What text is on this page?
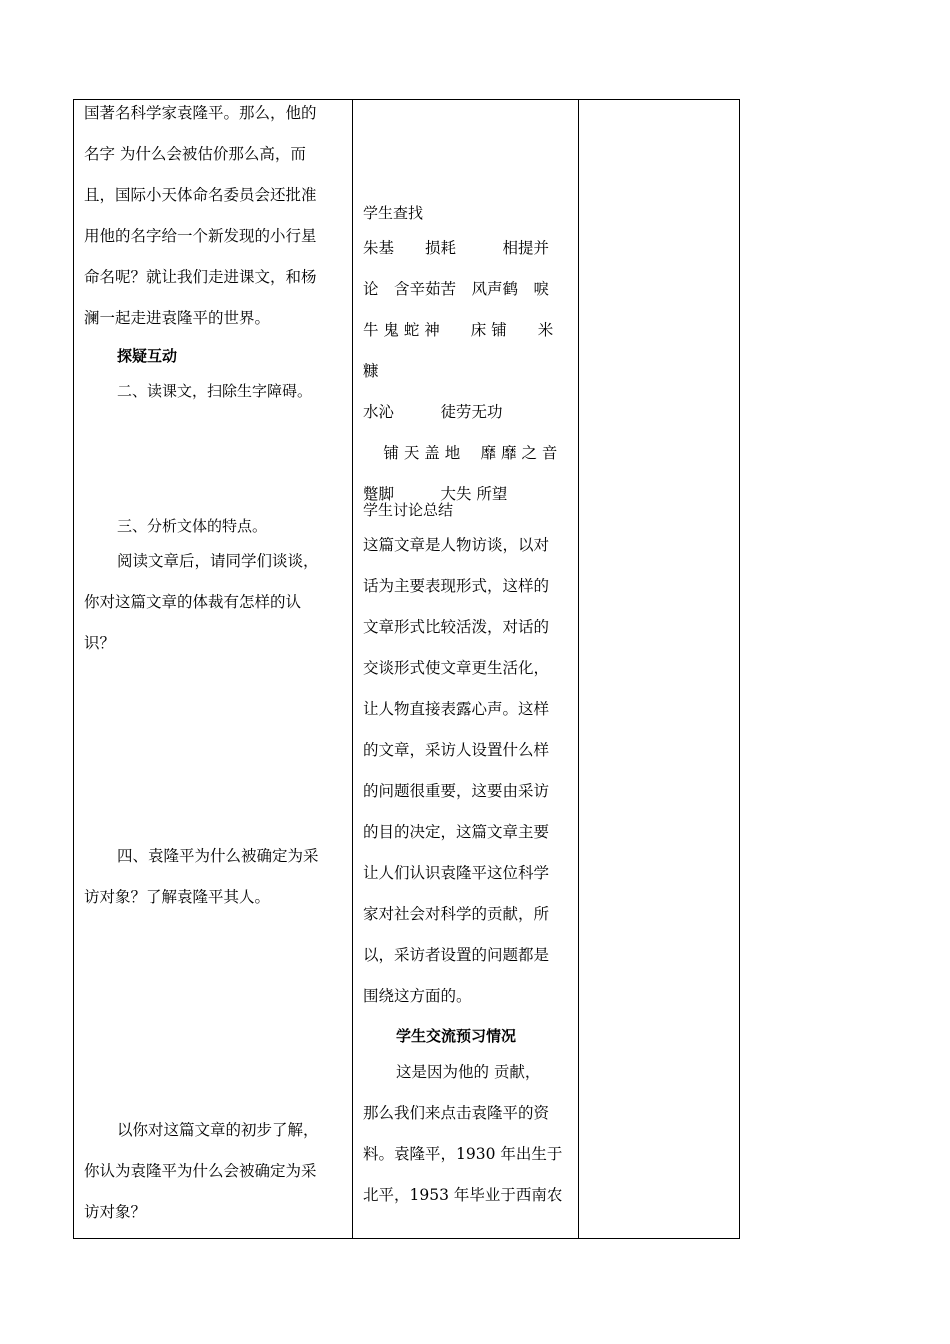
国著名科学家袁隆平。那么，他的
名字 为什么会被估价那么高，而
且，国际小天体命名委员会还批准
用他的名字给一个新发现的小行星
命名呢？就让我们走进课文，和杨
澜一起走进袁隆平的世界。

探疑互动

二、读课文，扫除生字障碍。

三、分析文体的特点。

阅读文章后，请同学们谈谈，
你对这篇文章的体裁有怎样的认
识？
四、袁隆平为什么被确定为采
访对象？了解袁隆平其人。
以你对这篇文章的初步了解，
你认为袁隆平为什么会被确定为采
访对象？

学生查找

朱基　　损耗　　　相提并
论　含辛茹苦　风声鹤　唳
牛 鬼 蛇 神　　床 铺　　米 糠
水沁　　　徒劳无功
　 铺 天 盖 地　 靡 靡 之 音
蹩脚　　　大失 所望

学生讨论总结

这篇文章是人物访谈，以对
话为主要表现形式，这样的
文章形式比较活泼，对话的
交谈形式使文章更生活化，
让人物直接表露心声。这样
的文章，采访人设置什么样
的问题很重要，这要由采访
的目的决定，这篇文章主要
让人们认识袁隆平这位科学
家对社会对科学的贡献，所
以，采访者设置的问题都是
围绕这方面的。

学生交流预习情况

这是因为他的 贡献，
那么我们来点击袁隆平的资
料。袁隆平，1930 年出生于
北平，1953 年毕业于西南农
